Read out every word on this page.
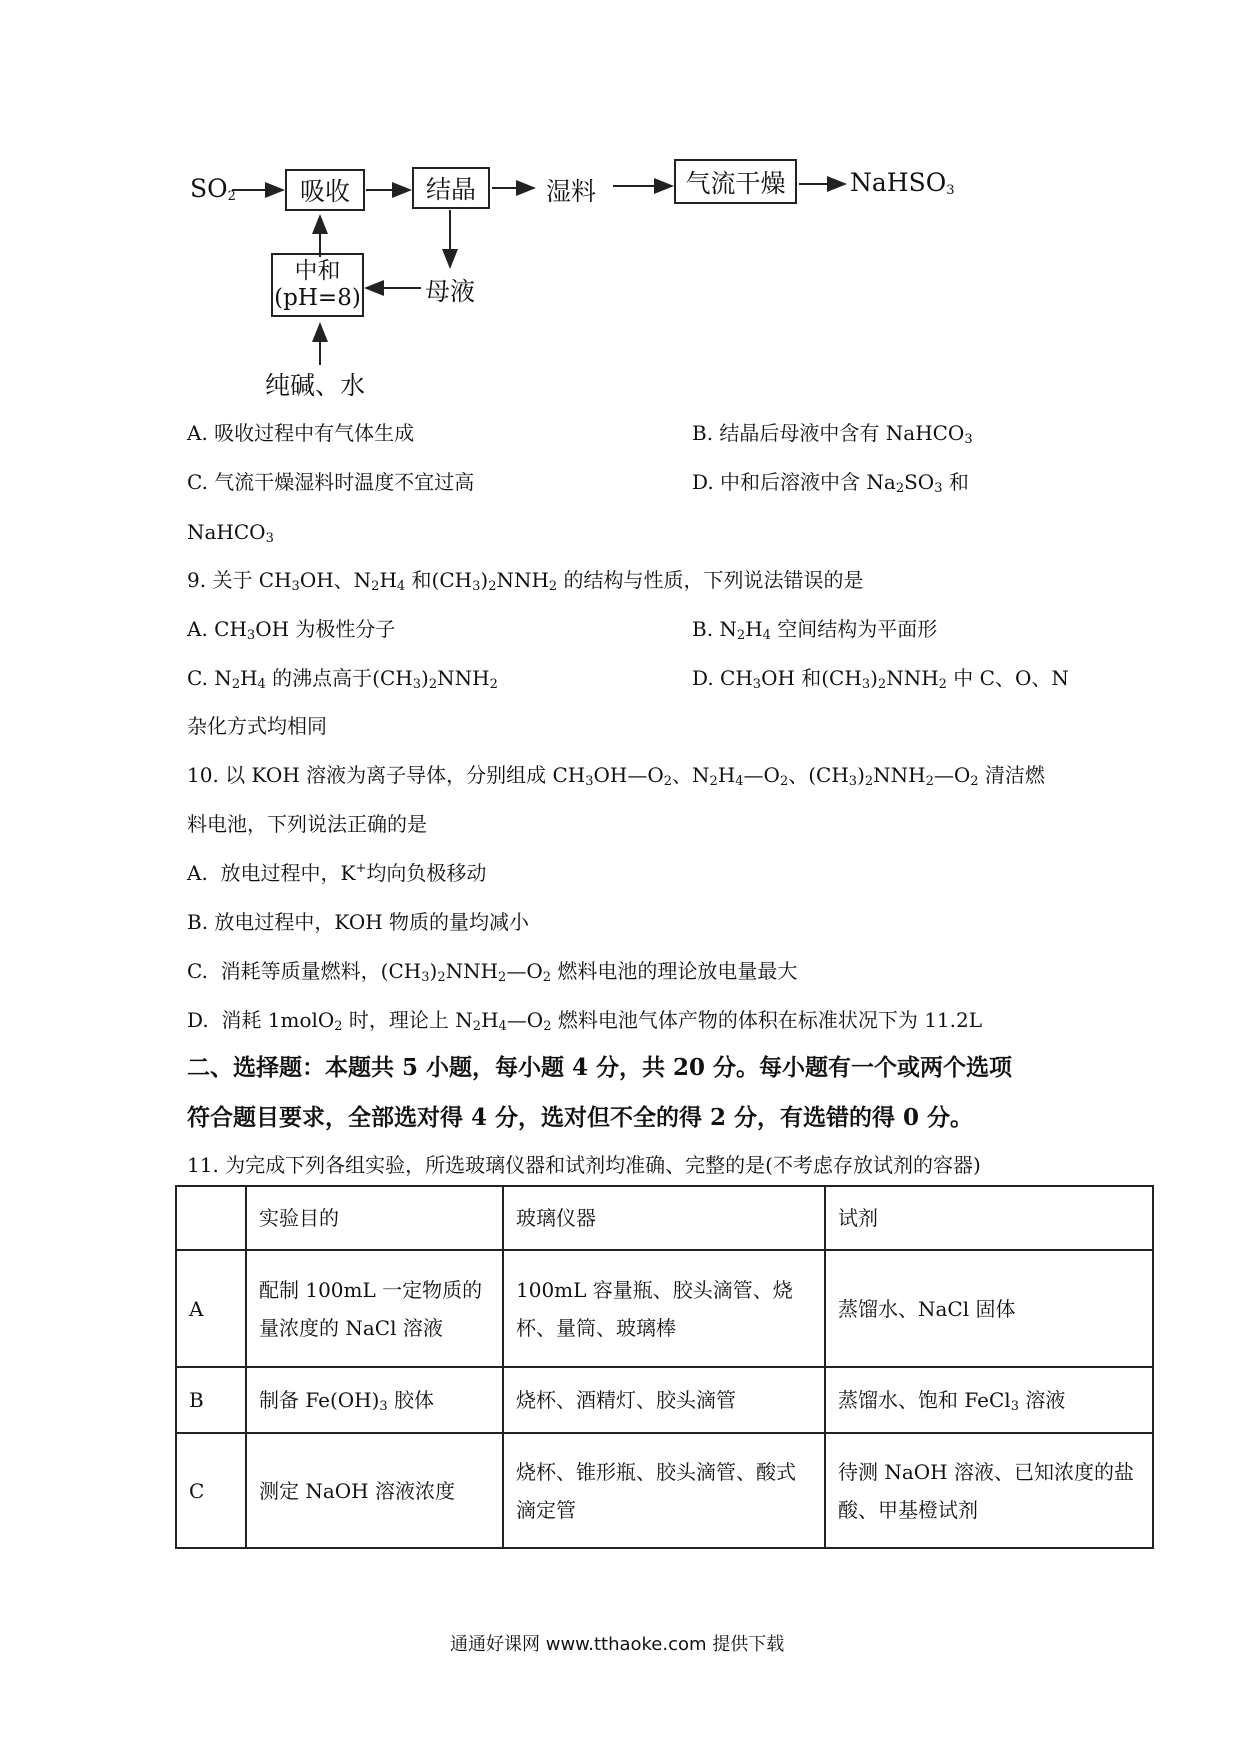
$SO_2$	吸收	结晶	湿料	气流干燥	NaHSO$_3$
中和
(pH=8)	母液
纯碱、水
A. 吸收过程中有气体生成	B. 结晶后母液中含有 NaHCO$_3$
C. 气流干燥湿料时温度不宜过高	D. 中和后溶液中含 $Na_2SO_3$ 和
NaHCO$_3$
9. 关于 $CH_3OH$、$N_2H_4$ 和$(CH_3)_2NNH_2$ 的结构与性质，下列说法错误的是
A. $CH_3OH$ 为极性分子	B. $N_2H_4$ 空间结构为平面形
C. $N_2H_4$ 的沸点高于$(CH_3)_2NNH_2$	D. $CH_3OH$ 和$(CH_3)_2NNH_2$ 中 C、O、N
杂化方式均相同
10. 以 KOH 溶液为离子导体，分别组成 $CH_3OH—O_2$、$N_2H_4—O_2$、$(CH_3)_2NNH_2—O_2$ 清洁燃
料电池，下列说法正确的是
A.  放电过程中，K+均向负极移动
B. 放电过程中，KOH 物质的量均减小
C.  消耗等质量燃料，$(CH_3)_2NNH_2—O_2$ 燃料电池的理论放电量最大
D.  消耗 1molO$_2$ 时，理论上 $N_2H_4—O_2$ 燃料电池气体产物的体积在标准状况下为 11.2L
二、选择题：本题共 5 小题，每小题 4 分，共 20 分。每小题有一个或两个选项
符合题目要求，全部选对得 4 分，选对但不全的得 2 分，有选错的得 0 分。
11. 为完成下列各组实验，所选玻璃仪器和试剂均准确、完整的是(不考虑存放试剂的容器)
	实验目的	玻璃仪器	试剂
A	配制 100mL 一定物质的量浓度的 NaCl 溶液	100mL 容量瓶、胶头滴管、烧杯、量筒、玻璃棒	蒸馏水、NaCl 固体
B	制备 $Fe(OH)_3$ 胶体	烧杯、酒精灯、胶头滴管	蒸馏水、饱和 FeCl$_3$ 溶液
C	测定 NaOH 溶液浓度	烧杯、锥形瓶、胶头滴管、酸式滴定管	待测 NaOH 溶液、已知浓度的盐酸、甲基橙试剂
通通好课网 www.tthaoke.com 提供下载
